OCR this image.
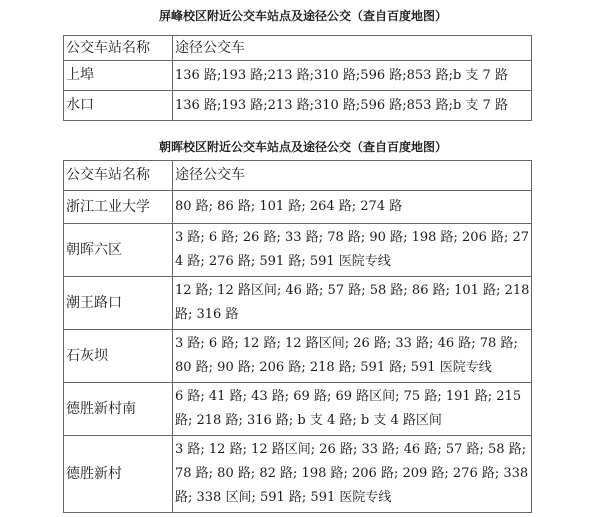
屏峰校区附近公交车站点及途径公交（查自百度地图）
公交车站名称	途径公交车
上埠	136 路;193 路;213 路;310 路;596 路;853 路;b 支 7 路
水口	136 路;193 路;213 路;310 路;596 路;853 路;b 支 7 路
朝晖校区附近公交车站点及途径公交（查自百度地图）
公交车站名称	途径公交车
浙江工业大学	80 路; 86 路; 101 路; 264 路; 274 路
朝晖六区	3 路; 6 路; 26 路; 33 路; 78 路; 90 路; 198 路; 206 路; 274 路; 276 路; 591 路; 591 医院专线
潮王路口	12 路; 12 路区间; 46 路; 57 路; 58 路; 86 路; 101 路; 218 路; 316 路
石灰坝	3 路; 6 路; 12 路; 12 路区间; 26 路; 33 路; 46 路; 78 路; 80 路; 90 路; 206 路; 218 路; 591 路; 591 医院专线
德胜新村南	6 路; 41 路; 43 路; 69 路; 69 路区间; 75 路; 191 路; 215 路; 218 路; 316 路; b 支 4 路; b 支 4 路区间
德胜新村	3 路; 12 路; 12 路区间; 26 路; 33 路; 46 路; 57 路; 58 路; 78 路; 80 路; 82 路; 198 路; 206 路; 209 路; 276 路; 338 路; 338 区间; 591 路; 591 医院专线
